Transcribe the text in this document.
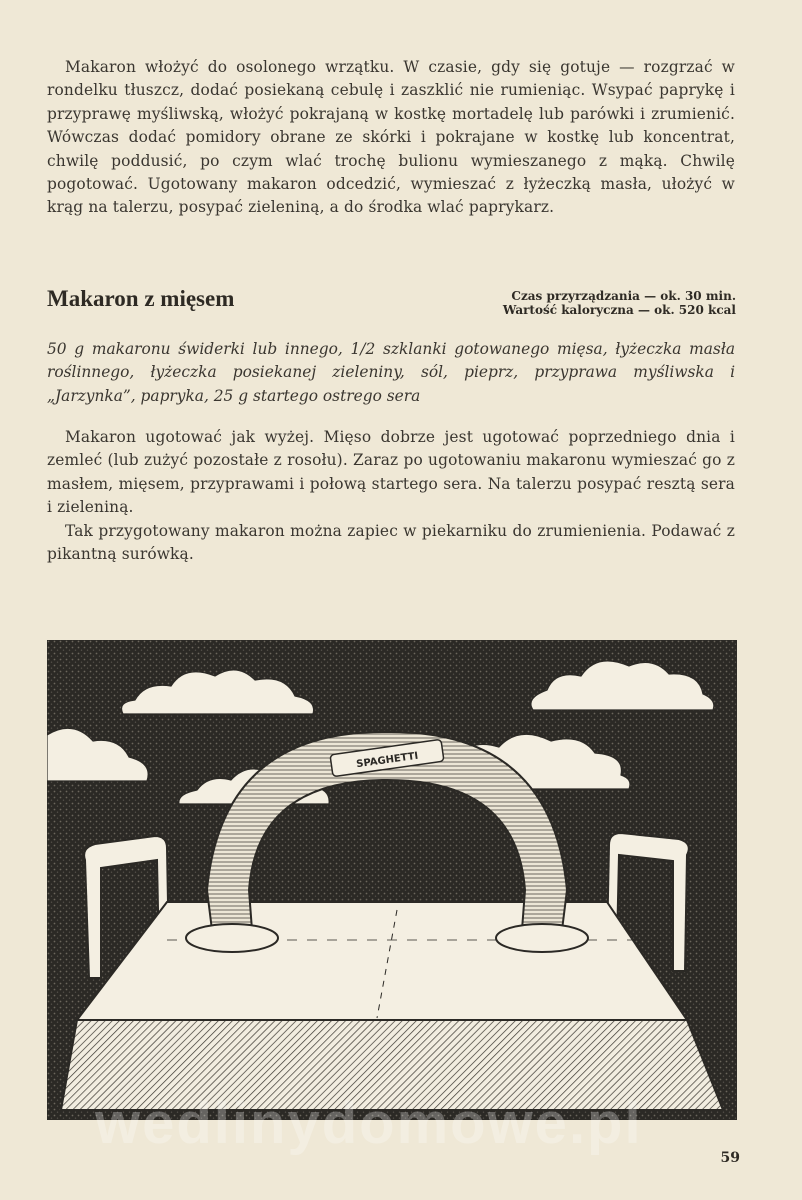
Makaron włożyć do osolonego wrzątku. W czasie, gdy się gotuje — rozgrzać w rondelku tłuszcz, dodać posiekaną cebulę i zaszklić nie rumieniąc. Wsypać paprykę i przyprawę myśliwską, włożyć pokrajaną w kostkę mortadelę lub parówki i zrumienić. Wówczas dodać pomidory obrane ze skórki i pokrajane w kostkę lub koncentrat, chwilę poddusić, po czym wlać trochę bulionu wymieszanego z mąką. Chwilę pogotować. Ugotowany makaron odcedzić, wymieszać z łyżeczką masła, ułożyć w krąg na talerzu, posypać zieleniną, a do środka wlać paprykarz.

Makaron z mięsem	Czas przyrządzania — ok. 30 min.
Wartość kaloryczna — ok. 520 kcal

50 g makaronu świderki lub innego, 1/2 szklanki gotowanego mięsa, łyżeczka masła roślinnego, łyżeczka posiekanej zieleniny, sól, pieprz, przyprawa myśliwska i „Jarzynka”, papryka, 25 g startego ostrego sera

Makaron ugotować jak wyżej. Mięso dobrze jest ugotować poprzedniego dnia i zemleć (lub zużyć pozostałe z rosołu). Zaraz po ugotowaniu makaronu wymieszać go z masłem, mięsem, przyprawami i połową startego sera. Na talerzu posypać resztą sera i zieleniną.

Tak przygotowany makaron można zapiec w piekarniku do zrumienienia. Podawać z pikantną surówką.

SPAGHETTI
wedlinydomowe.pl
59
